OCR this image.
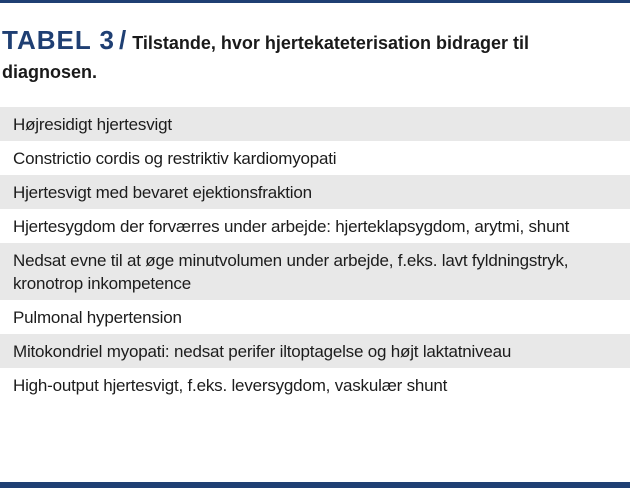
TABEL 3 / Tilstande, hvor hjertekateterisation bidrager til diagnosen.
Højresidigt hjertesvigt
Constrictio cordis og restriktiv kardiomyopati
Hjertesvigt med bevaret ejektionsfraktion
Hjertesygdom der forværres under arbejde: hjerteklapsygdom, arytmi, shunt
Nedsat evne til at øge minutvolumen under arbejde, f.eks. lavt fyldningstryk, kronotrop inkompetence
Pulmonal hypertension
Mitokondriel myopati: nedsat perifer iltoptagelse og højt laktatniveau
High-output hjertesvigt, f.eks. leversygdom, vaskulær shunt
